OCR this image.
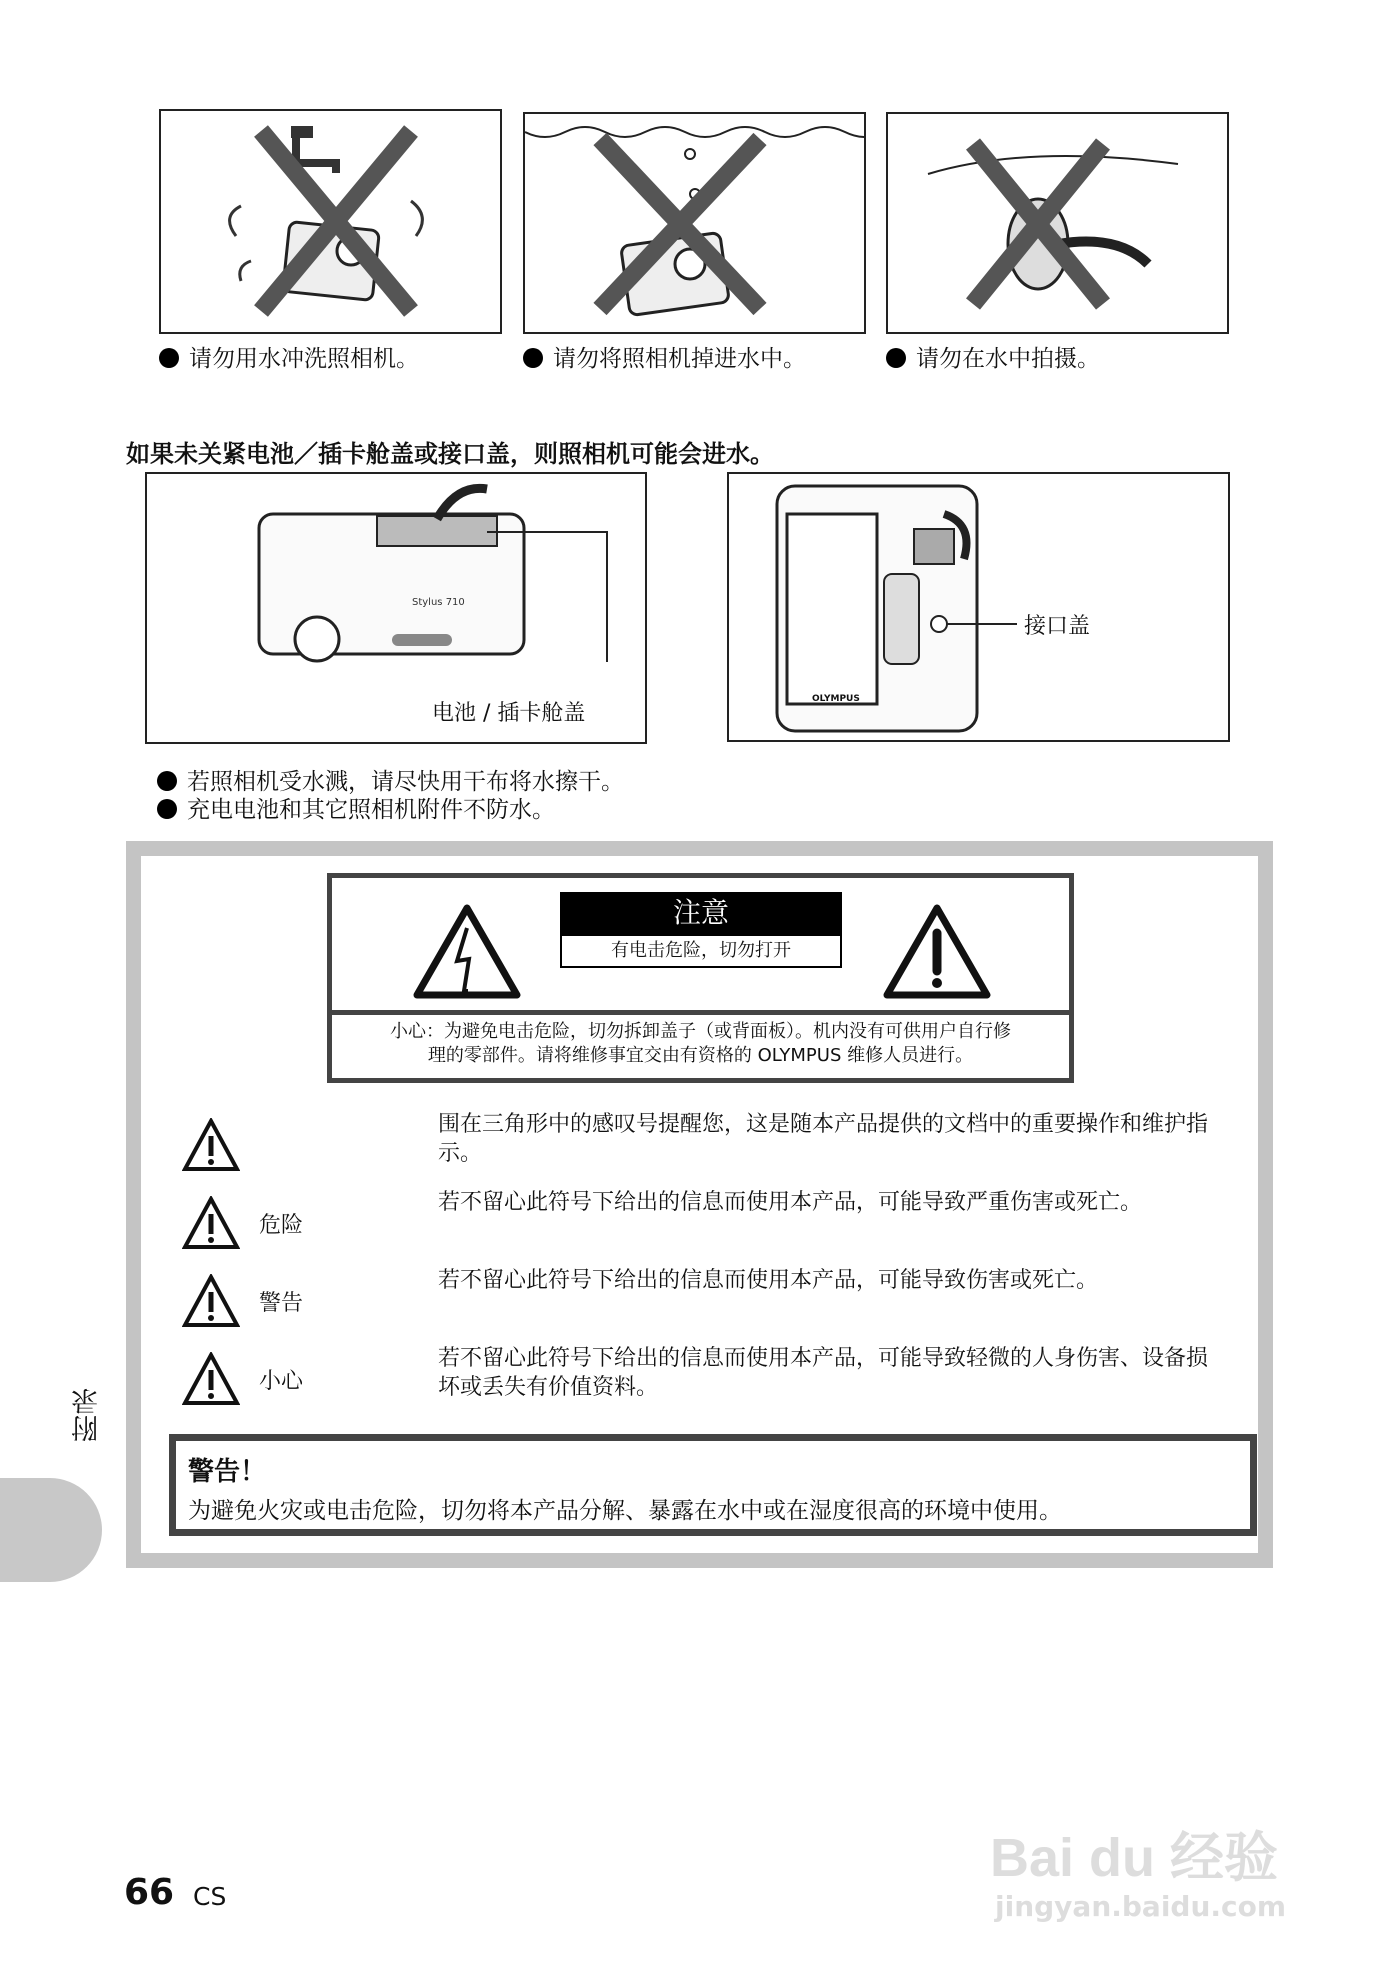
请勿用水冲洗照相机。	请勿将照相机掉进水中。	请勿在水中拍摄。
如果未关紧电池／插卡舱盖或接口盖，则照相机可能会进水。
Stylus 710
电池 / 插卡舱盖
OLYMPUS
接口盖
若照相机受水溅，请尽快用干布将水擦干。
充电电池和其它照相机附件不防水。
注意
有电击危险，切勿打开
小心：为避免电击危险，切勿拆卸盖子（或背面板）。机内没有可供用户自行修
理的零部件。请将维修事宜交由有资格的 OLYMPUS 维修人员进行。
围在三角形中的感叹号提醒您，这是随本产品提供的文档中的重要操作和维护指示。
危险
若不留心此符号下给出的信息而使用本产品，可能导致严重伤害或死亡。
警告
若不留心此符号下给出的信息而使用本产品，可能导致伤害或死亡。
小心
若不留心此符号下给出的信息而使用本产品，可能导致轻微的人身伤害、设备损坏或丢失有价值资料。
警告！
为避免火灾或电击危险，切勿将本产品分解、暴露在水中或在湿度很高的环境中使用。
附录
66 CS
Bai du 经验
jingyan.baidu.com
